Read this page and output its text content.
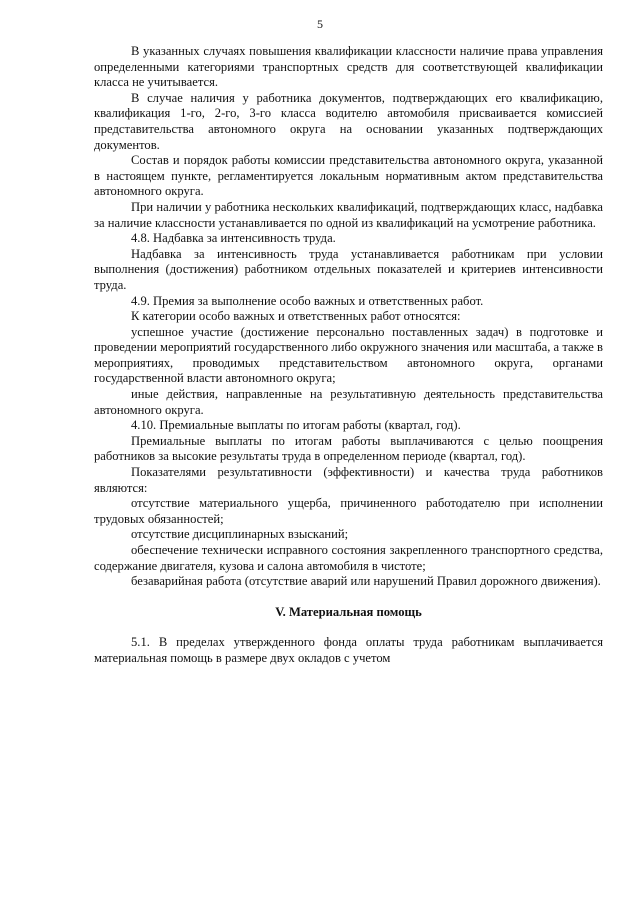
5

В указанных случаях повышения квалификации классности наличие права управления определенными категориями транспортных средств для соответствующей квалификации класса не учитывается.

В случае наличия у работника документов, подтверждающих его квалификацию, квалификация 1-го, 2-го, 3-го класса водителю автомобиля присваивается комиссией представительства автономного округа на основании указанных подтверждающих документов.

Состав и порядок работы комиссии представительства автономного округа, указанной в настоящем пункте, регламентируется локальным нормативным актом представительства автономного округа.

При наличии у работника нескольких квалификаций, подтверждающих класс, надбавка за наличие классности устанавливается по одной из квалификаций на усмотрение работника.

4.8. Надбавка за интенсивность труда.

Надбавка за интенсивность труда устанавливается работникам при условии выполнения (достижения) работником отдельных показателей и критериев интенсивности труда.

4.9. Премия за выполнение особо важных и ответственных работ.

К категории особо важных и ответственных работ относятся:

успешное участие (достижение персонально поставленных задач) в подготовке и проведении мероприятий государственного либо окружного значения или масштаба, а также в мероприятиях, проводимых представительством автономного округа, органами государственной власти автономного округа;

иные действия, направленные на результативную деятельность представительства автономного округа.

4.10. Премиальные выплаты по итогам работы (квартал, год).

Премиальные выплаты по итогам работы выплачиваются с целью поощрения работников за высокие результаты труда в определенном периоде (квартал, год).

Показателями результативности (эффективности) и качества труда работников являются:

отсутствие материального ущерба, причиненного работодателю при исполнении трудовых обязанностей;

отсутствие дисциплинарных взысканий;

обеспечение технически исправного состояния закрепленного транспортного средства, содержание двигателя, кузова и салона автомобиля в чистоте;

безаварийная работа (отсутствие аварий или нарушений Правил дорожного движения).

V. Материальная помощь

5.1. В пределах утвержденного фонда оплаты труда работникам выплачивается материальная помощь в размере двух окладов с учетом
